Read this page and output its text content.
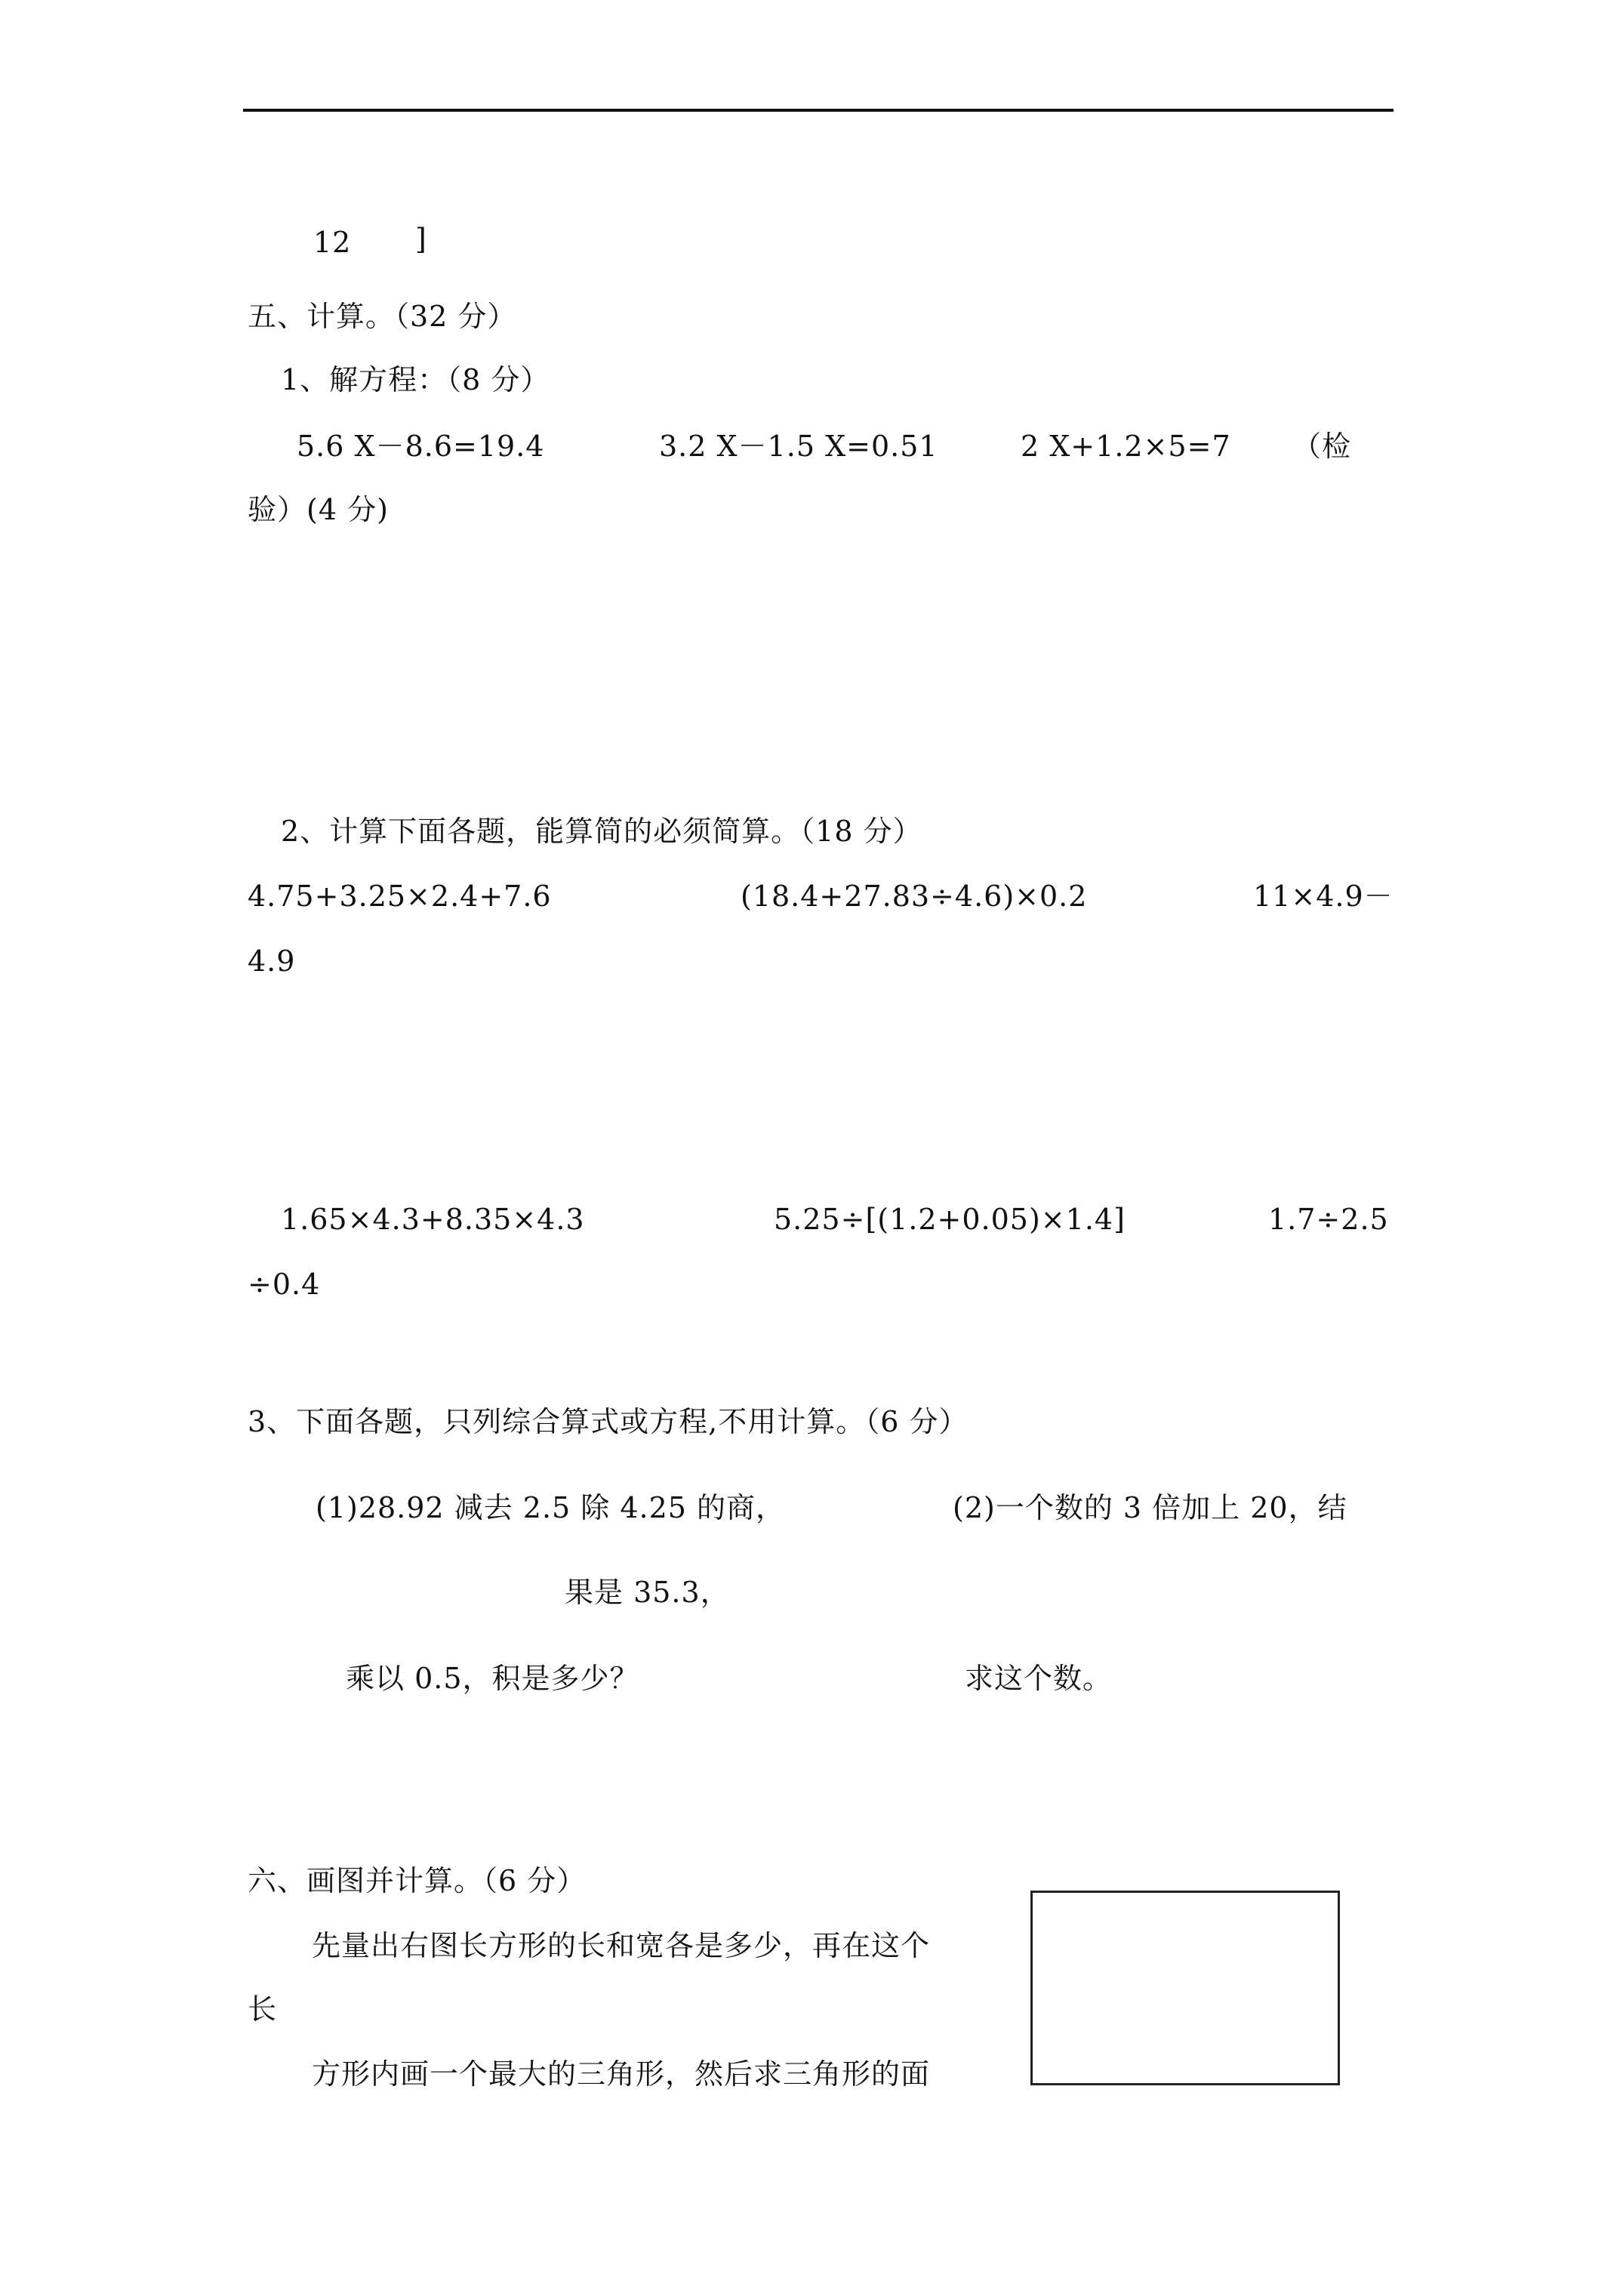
12 ]
五、计算。（32 分）
1、解方程：（8 分）
5.6 X－8.6=19.4	3.2 X－1.5 X=0.51	2 X+1.2×5=7 （检
验）(4 分)
2、计算下面各题，能算简的必须简算。（18 分）
4.75+3.25×2.4+7.6	(18.4+27.83÷4.6)×0.2	11×4.9－
4.9
1.65×4.3+8.35×4.3	5.25÷[(1.2+0.05)×1.4]	1.7÷2.5
÷0.4
3、下面各题，只列综合算式或方程,不用计算。（6 分）
(1)28.92 减去 2.5 除 4.25 的商，	(2)一个数的 3 倍加上 20，结
果是 35.3，
乘以 0.5，积是多少？	求这个数。
六、画图并计算。（6 分）
先量出右图长方形的长和宽各是多少，再在这个
长
方形内画一个最大的三角形，然后求三角形的面
